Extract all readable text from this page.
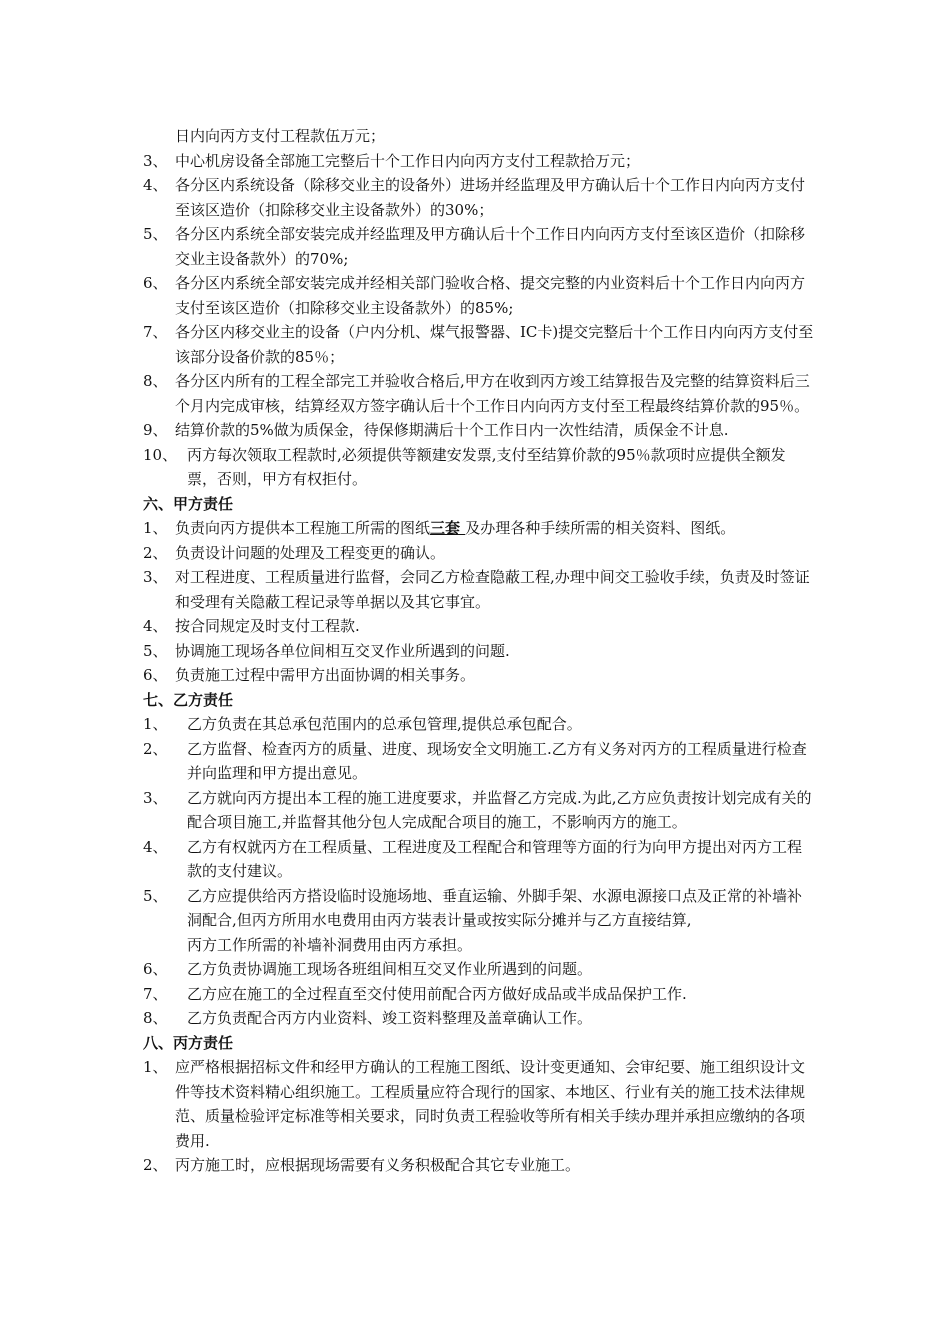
日内向丙方支付工程款伍万元；
3、 中心机房设备全部施工完整后十个工作日内向丙方支付工程款拾万元；
4、 各分区内系统设备（除移交业主的设备外）进场并经监理及甲方确认后十个工作日内向丙方支付至该区造价（扣除移交业主设备款外）的30%；
5、 各分区内系统全部安装完成并经监理及甲方确认后十个工作日内向丙方支付至该区造价（扣除移交业主设备款外）的70%;
6、 各分区内系统全部安装完成并经相关部门验收合格、提交完整的内业资料后十个工作日内向丙方支付至该区造价（扣除移交业主设备款外）的85%;
7、 各分区内移交业主的设备（户内分机、煤气报警器、IC卡)提交完整后十个工作日内向丙方支付至该部分设备价款的85％；
8、 各分区内所有的工程全部完工并验收合格后,甲方在收到丙方竣工结算报告及完整的结算资料后三个月内完成审核，结算经双方签字确认后十个工作日内向丙方支付至工程最终结算价款的95％。
9、 结算价款的5%做为质保金，待保修期满后十个工作日内一次性结清，质保金不计息.
10、 丙方每次领取工程款时,必须提供等额建安发票,支付至结算价款的95％款项时应提供全额发票，否则，甲方有权拒付。
六、甲方责任
1、 负责向丙方提供本工程施工所需的图纸三套 及办理各种手续所需的相关资料、图纸。
2、 负责设计问题的处理及工程变更的确认。
3、 对工程进度、工程质量进行监督，会同乙方检查隐蔽工程,办理中间交工验收手续，负责及时签证和受理有关隐蔽工程记录等单据以及其它事宜。
4、 按合同规定及时支付工程款.
5、 协调施工现场各单位间相互交叉作业所遇到的问题.
6、 负责施工过程中需甲方出面协调的相关事务。
七、乙方责任
1、 乙方负责在其总承包范围内的总承包管理,提供总承包配合。
2、 乙方监督、检查丙方的质量、进度、现场安全文明施工.乙方有义务对丙方的工程质量进行检查并向监理和甲方提出意见。
3、 乙方就向丙方提出本工程的施工进度要求，并监督乙方完成.为此,乙方应负责按计划完成有关的配合项目施工,并监督其他分包人完成配合项目的施工，不影响丙方的施工。
4、 乙方有权就丙方在工程质量、工程进度及工程配合和管理等方面的行为向甲方提出对丙方工程款的支付建议。
5、 乙方应提供给丙方搭设临时设施场地、垂直运输、外脚手架、水源电源接口点及正常的补墙补洞配合,但丙方所用水电费用由丙方装表计量或按实际分摊并与乙方直接结算,
丙方工作所需的补墙补洞费用由丙方承担。
6、 乙方负责协调施工现场各班组间相互交叉作业所遇到的问题。
7、 乙方应在施工的全过程直至交付使用前配合丙方做好成品或半成品保护工作.
8、 乙方负责配合丙方内业资料、竣工资料整理及盖章确认工作。
八、丙方责任
1、 应严格根据招标文件和经甲方确认的工程施工图纸、设计变更通知、会审纪要、施工组织设计文件等技术资料精心组织施工。工程质量应符合现行的国家、本地区、行业有关的施工技术法律规范、质量检验评定标准等相关要求，同时负责工程验收等所有相关手续办理并承担应缴纳的各项费用.
2、 丙方施工时，应根据现场需要有义务积极配合其它专业施工。
